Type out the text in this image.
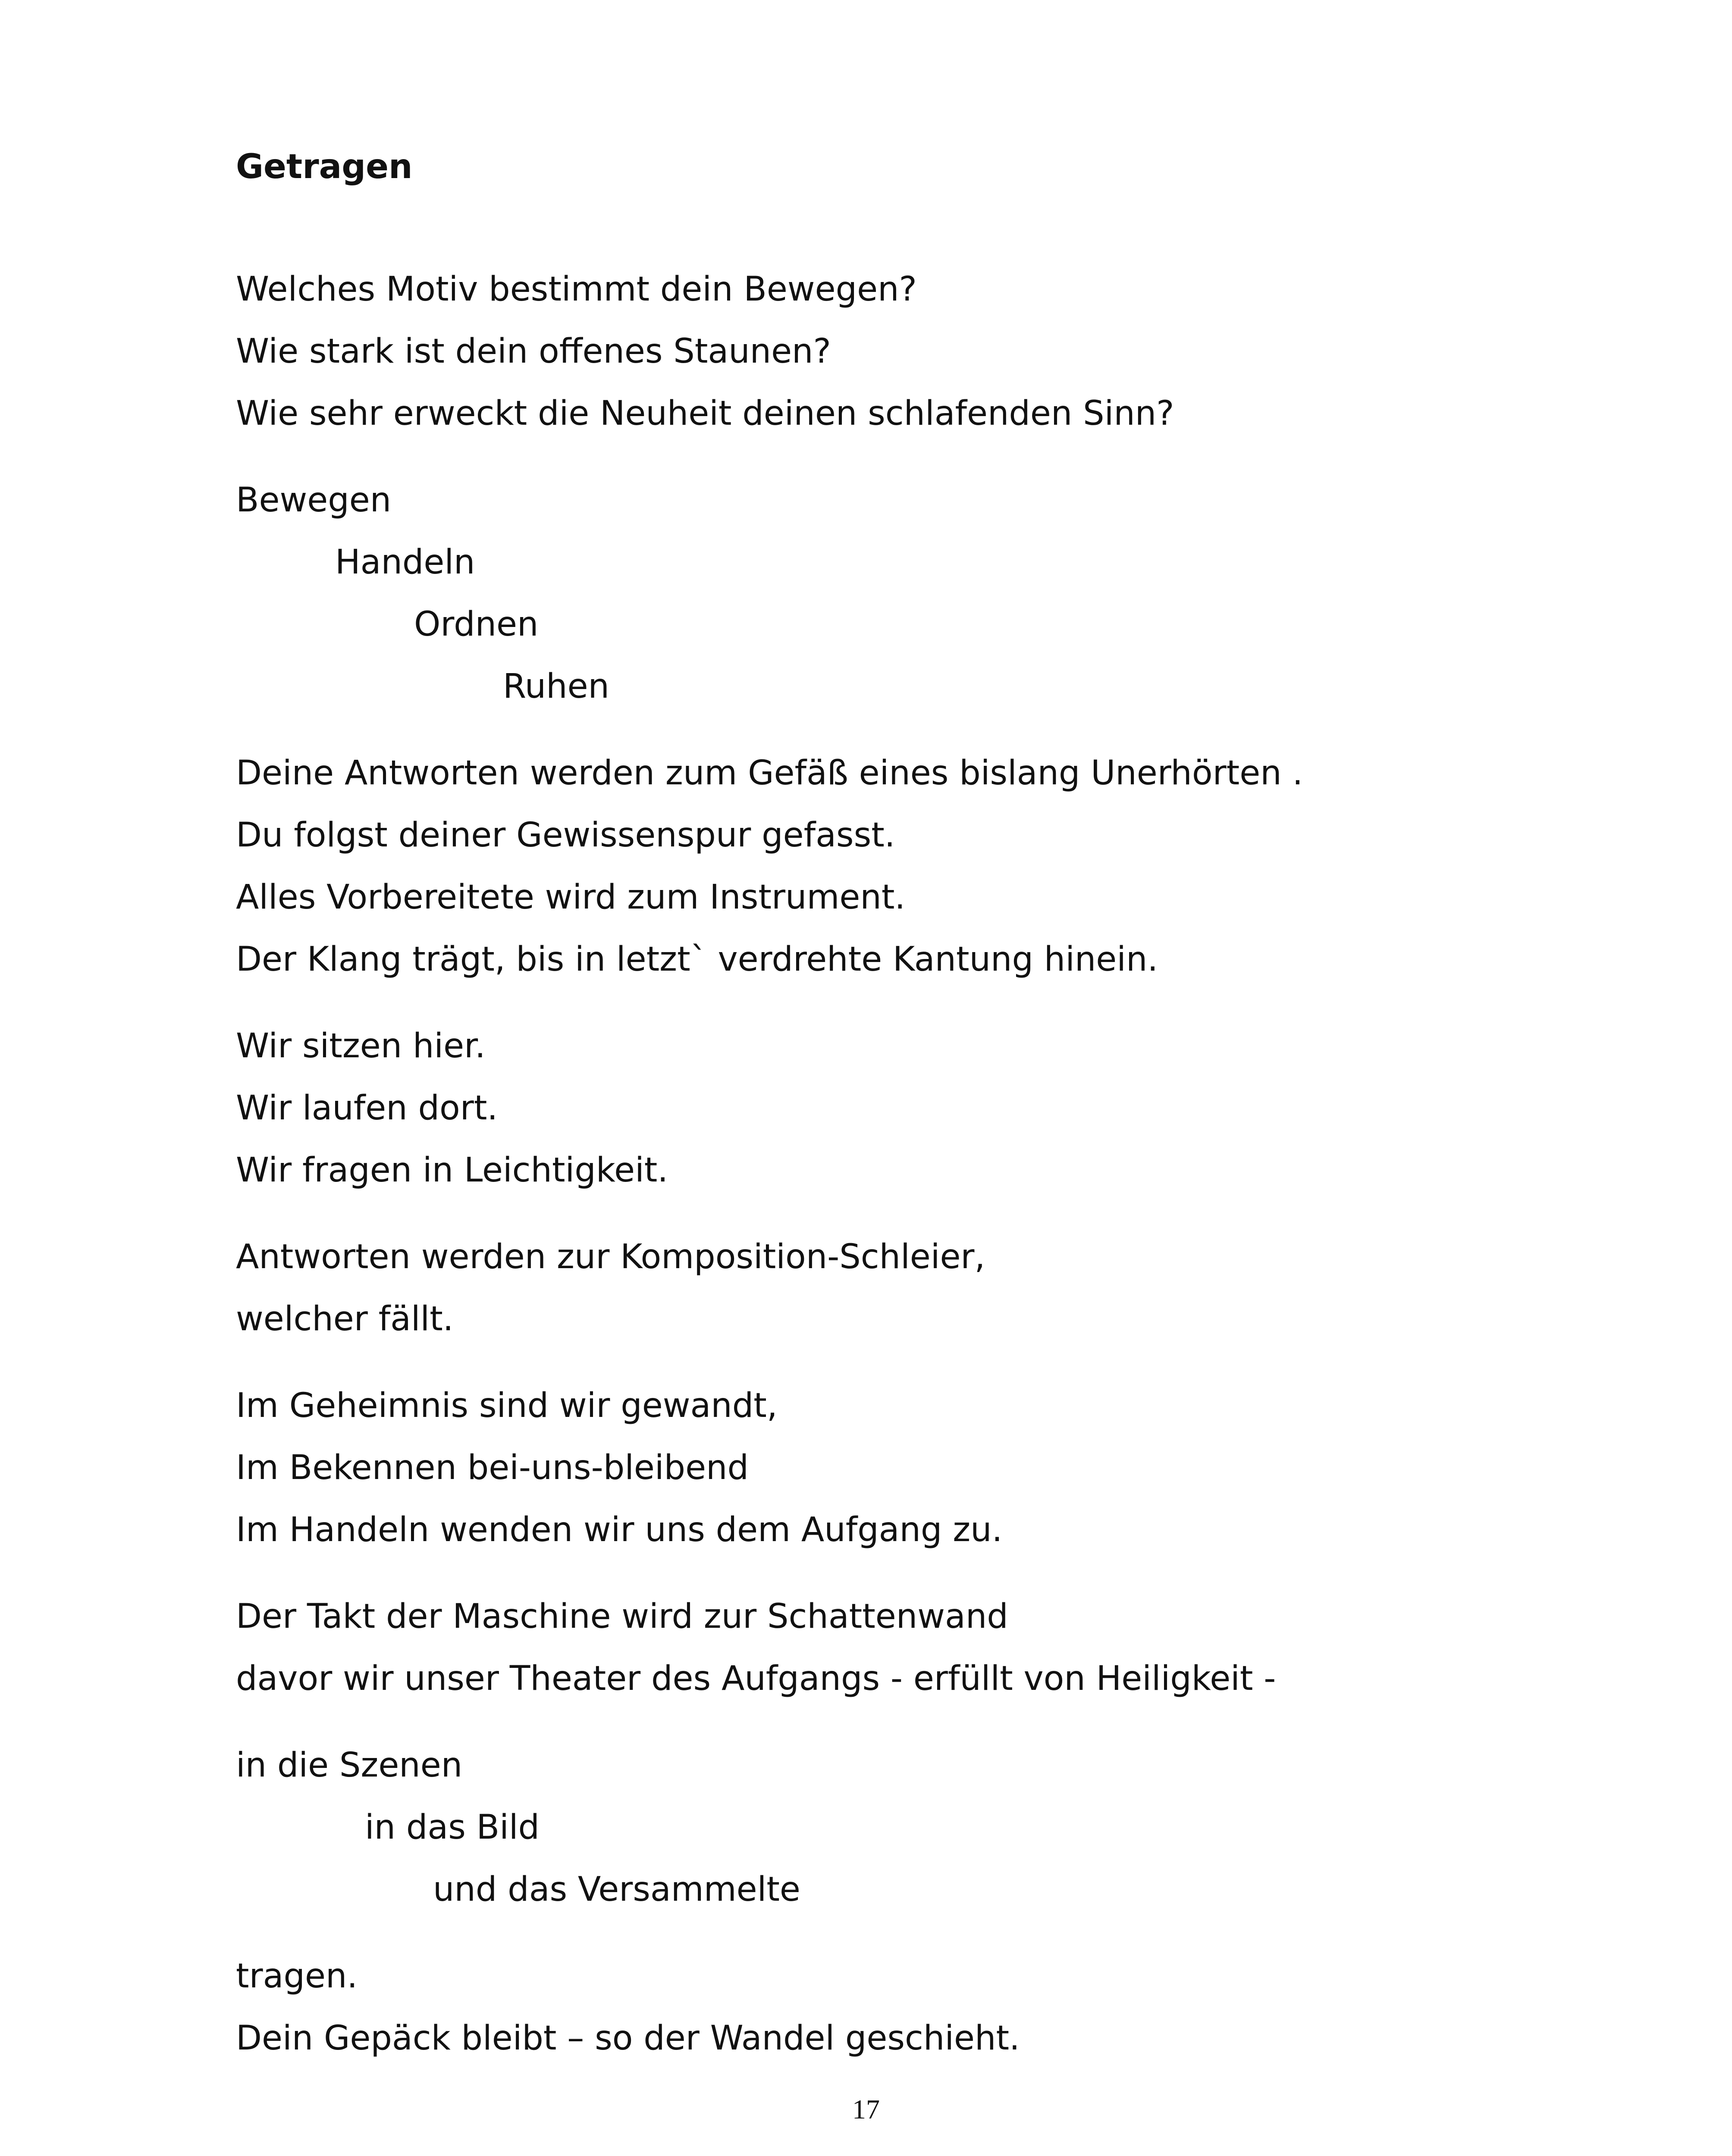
Getragen

Welches Motiv bestimmt dein Bewegen?

Wie stark ist dein offenes Staunen?

Wie sehr erweckt die Neuheit deinen schlafenden Sinn?

Bewegen

Handeln

Ordnen

Ruhen

Deine Antworten werden zum Gefäß eines bislang Unerhörten .

Du folgst deiner Gewissenspur gefasst.

Alles Vorbereitete wird zum Instrument.

Der Klang trägt, bis in letzt` verdrehte Kantung hinein.

Wir sitzen hier.

Wir laufen dort.

Wir fragen in Leichtigkeit.

Antworten werden zur Komposition-Schleier,

welcher fällt.

Im Geheimnis sind wir gewandt,

Im Bekennen bei-uns-bleibend

Im Handeln wenden wir uns dem Aufgang zu.

Der Takt der Maschine wird zur Schattenwand

davor wir unser Theater des Aufgangs - erfüllt von Heiligkeit -

in die Szenen

in das Bild

und das Versammelte

tragen.

Dein Gepäck bleibt – so der Wandel geschieht.

17
